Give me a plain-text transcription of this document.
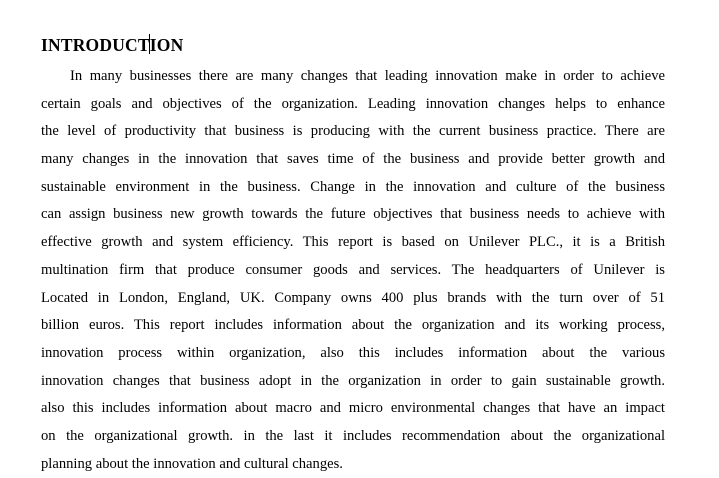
INTRODUCTION
In many businesses there are many changes that leading innovation make in order to achieve
certain goals and objectives of the organization. Leading innovation changes helps to enhance
the level of productivity that business is producing with the current business practice. There are
many changes in the innovation that saves time of the business and provide better growth and
sustainable environment in the business. Change in the innovation and culture of the business
can assign business new growth towards the future objectives that business needs to achieve with
effective growth and system efficiency. This report is based on Unilever PLC., it is a British
multination firm that produce consumer goods and services. The headquarters of Unilever is
Located in London, England, UK. Company owns 400 plus brands with the turn over of 51
billion euros. This report includes information about the organization and its working process,
innovation process within organization, also this includes information about the various
innovation changes that business adopt in the organization in order to gain sustainable growth.
also this includes information about macro and micro environmental changes that have an impact
on the organizational growth. in the last it includes recommendation about the organizational
planning about the innovation and cultural changes.
